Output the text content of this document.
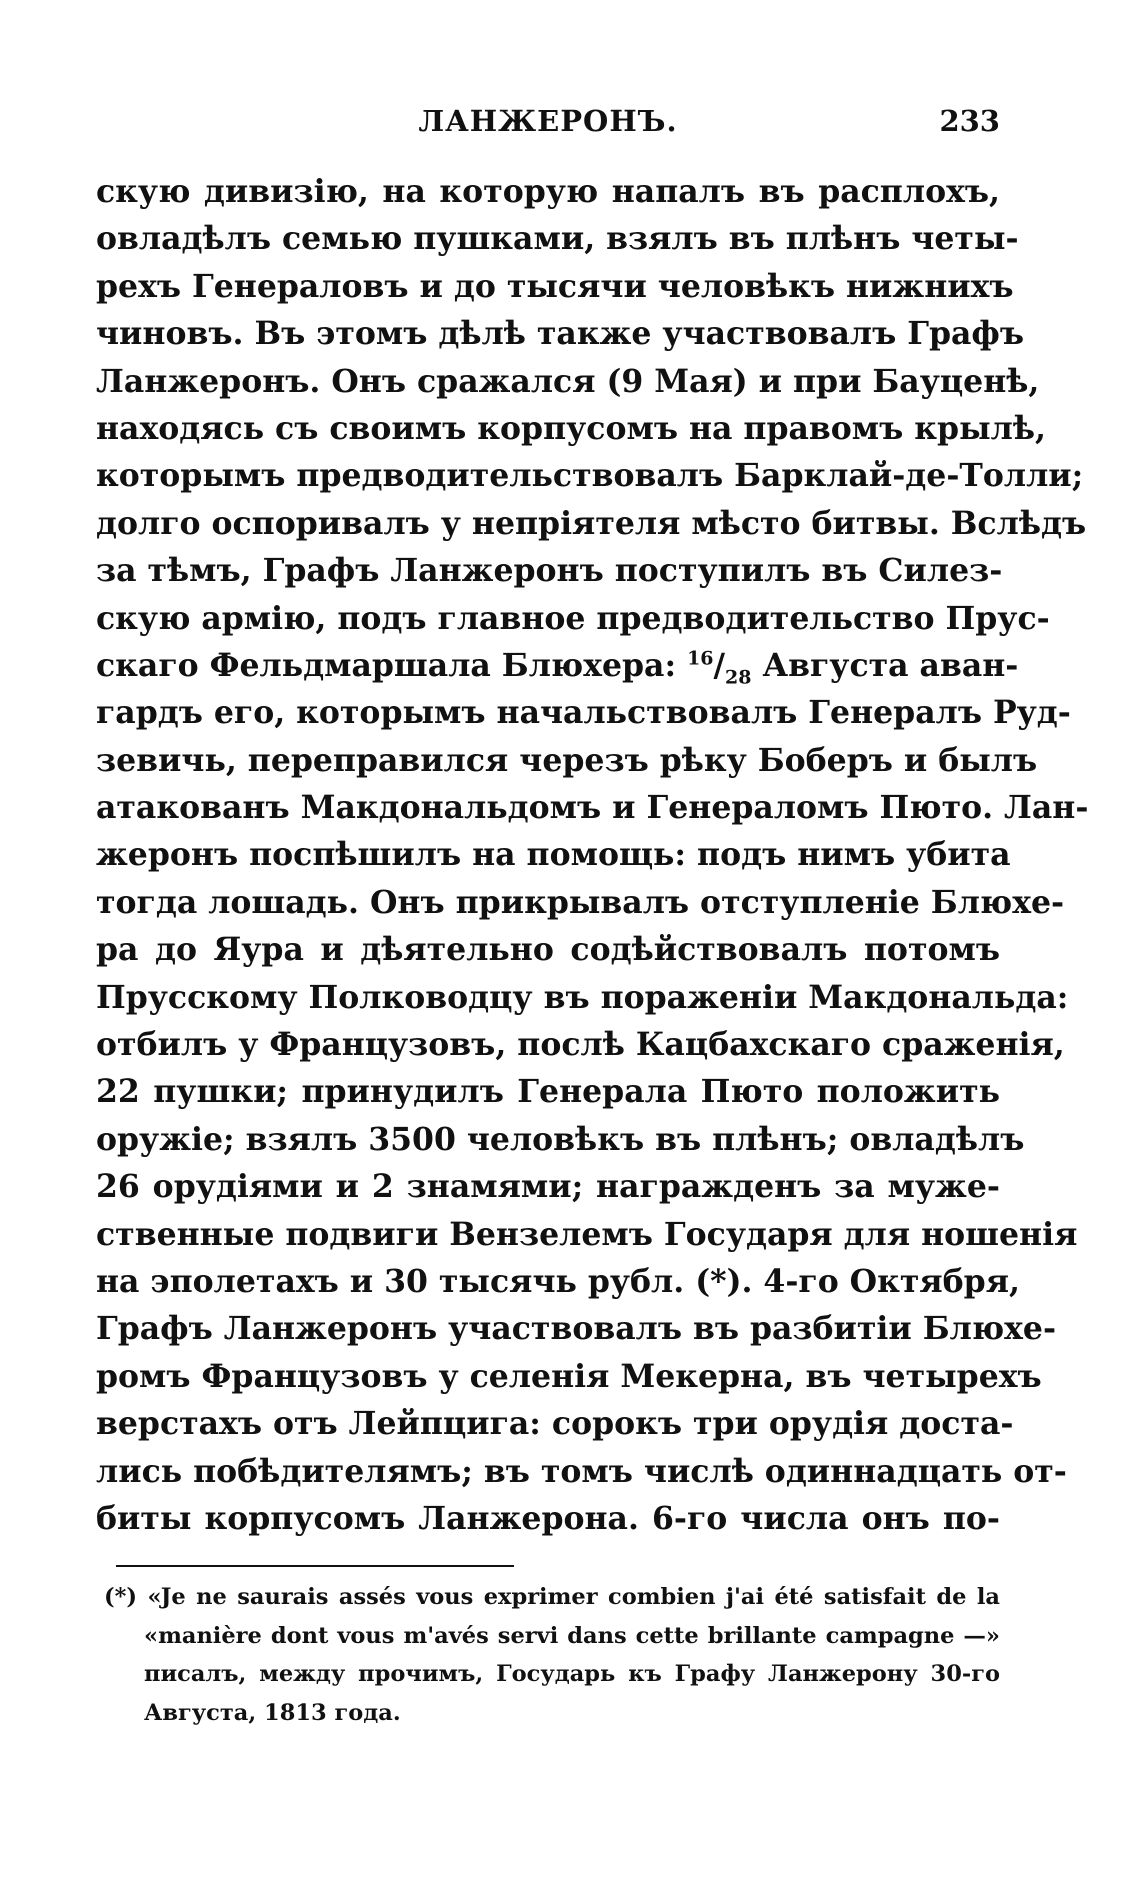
ЛАНЖЕРОНЪ.	233
скую дивизію, на которую напалъ въ расплохъ,
овладѣлъ семью пушками, взялъ въ плѣнъ четы-
рехъ Генераловъ и до тысячи человѣкъ нижнихъ
чиновъ. Въ этомъ дѣлѣ также участвовалъ Графъ
Ланжеронъ. Онъ сражался (9 Мая) и при Бауценѣ,
находясь съ своимъ корпусомъ на правомъ крылѣ,
которымъ предводительствовалъ Барклай-де-Толли;
долго оспоривалъ у непріятеля мѣсто битвы. Вслѣдъ
за тѣмъ, Графъ Ланжеронъ поступилъ въ Силез-
скую армію, подъ главное предводительство Прус-
скаго Фельдмаршала Блюхера: $^{16}/_{28}$ Августа аван-
гардъ его, которымъ начальствовалъ Генералъ Руд-
зевичь, переправился черезъ рѣку Боберъ и былъ
атакованъ Макдональдомъ и Генераломъ Пюто. Лан-
жеронъ поспѣшилъ на помощь: подъ нимъ убита
тогда лошадь. Онъ прикрывалъ отступленіе Блюхе-
ра до Яура и дѣятельно содѣйствовалъ потомъ
Прусскому Полководцу въ пораженіи Макдональда:
отбилъ у Французовъ, послѣ Кацбахскаго сраженія,
22 пушки; принудилъ Генерала Пюто положить
оружіе; взялъ 3500 человѣкъ въ плѣнъ; овладѣлъ
26 орудіями и 2 знамями; награжденъ за муже-
ственные подвиги Вензелемъ Государя для ношенія
на эполетахъ и 30 тысячь рубл. (*). 4-го Октября,
Графъ Ланжеронъ участвовалъ въ разбитіи Блюхе-
ромъ Французовъ у селенія Мекерна, въ четырехъ
верстахъ отъ Лейпцига: сорокъ три орудія доста-
лись побѣдителямъ; въ томъ числѣ одиннадцать от-
биты корпусомъ Ланжерона. 6-го числа онъ по-
(*) «Je ne saurais assés vous exprimer combien j'ai été satisfait de la
«manière dont vous m'avés servi dans cette brillante campagne —»
писалъ, между прочимъ, Государь къ Графу Ланжерону 30-го
Августа, 1813 года.
